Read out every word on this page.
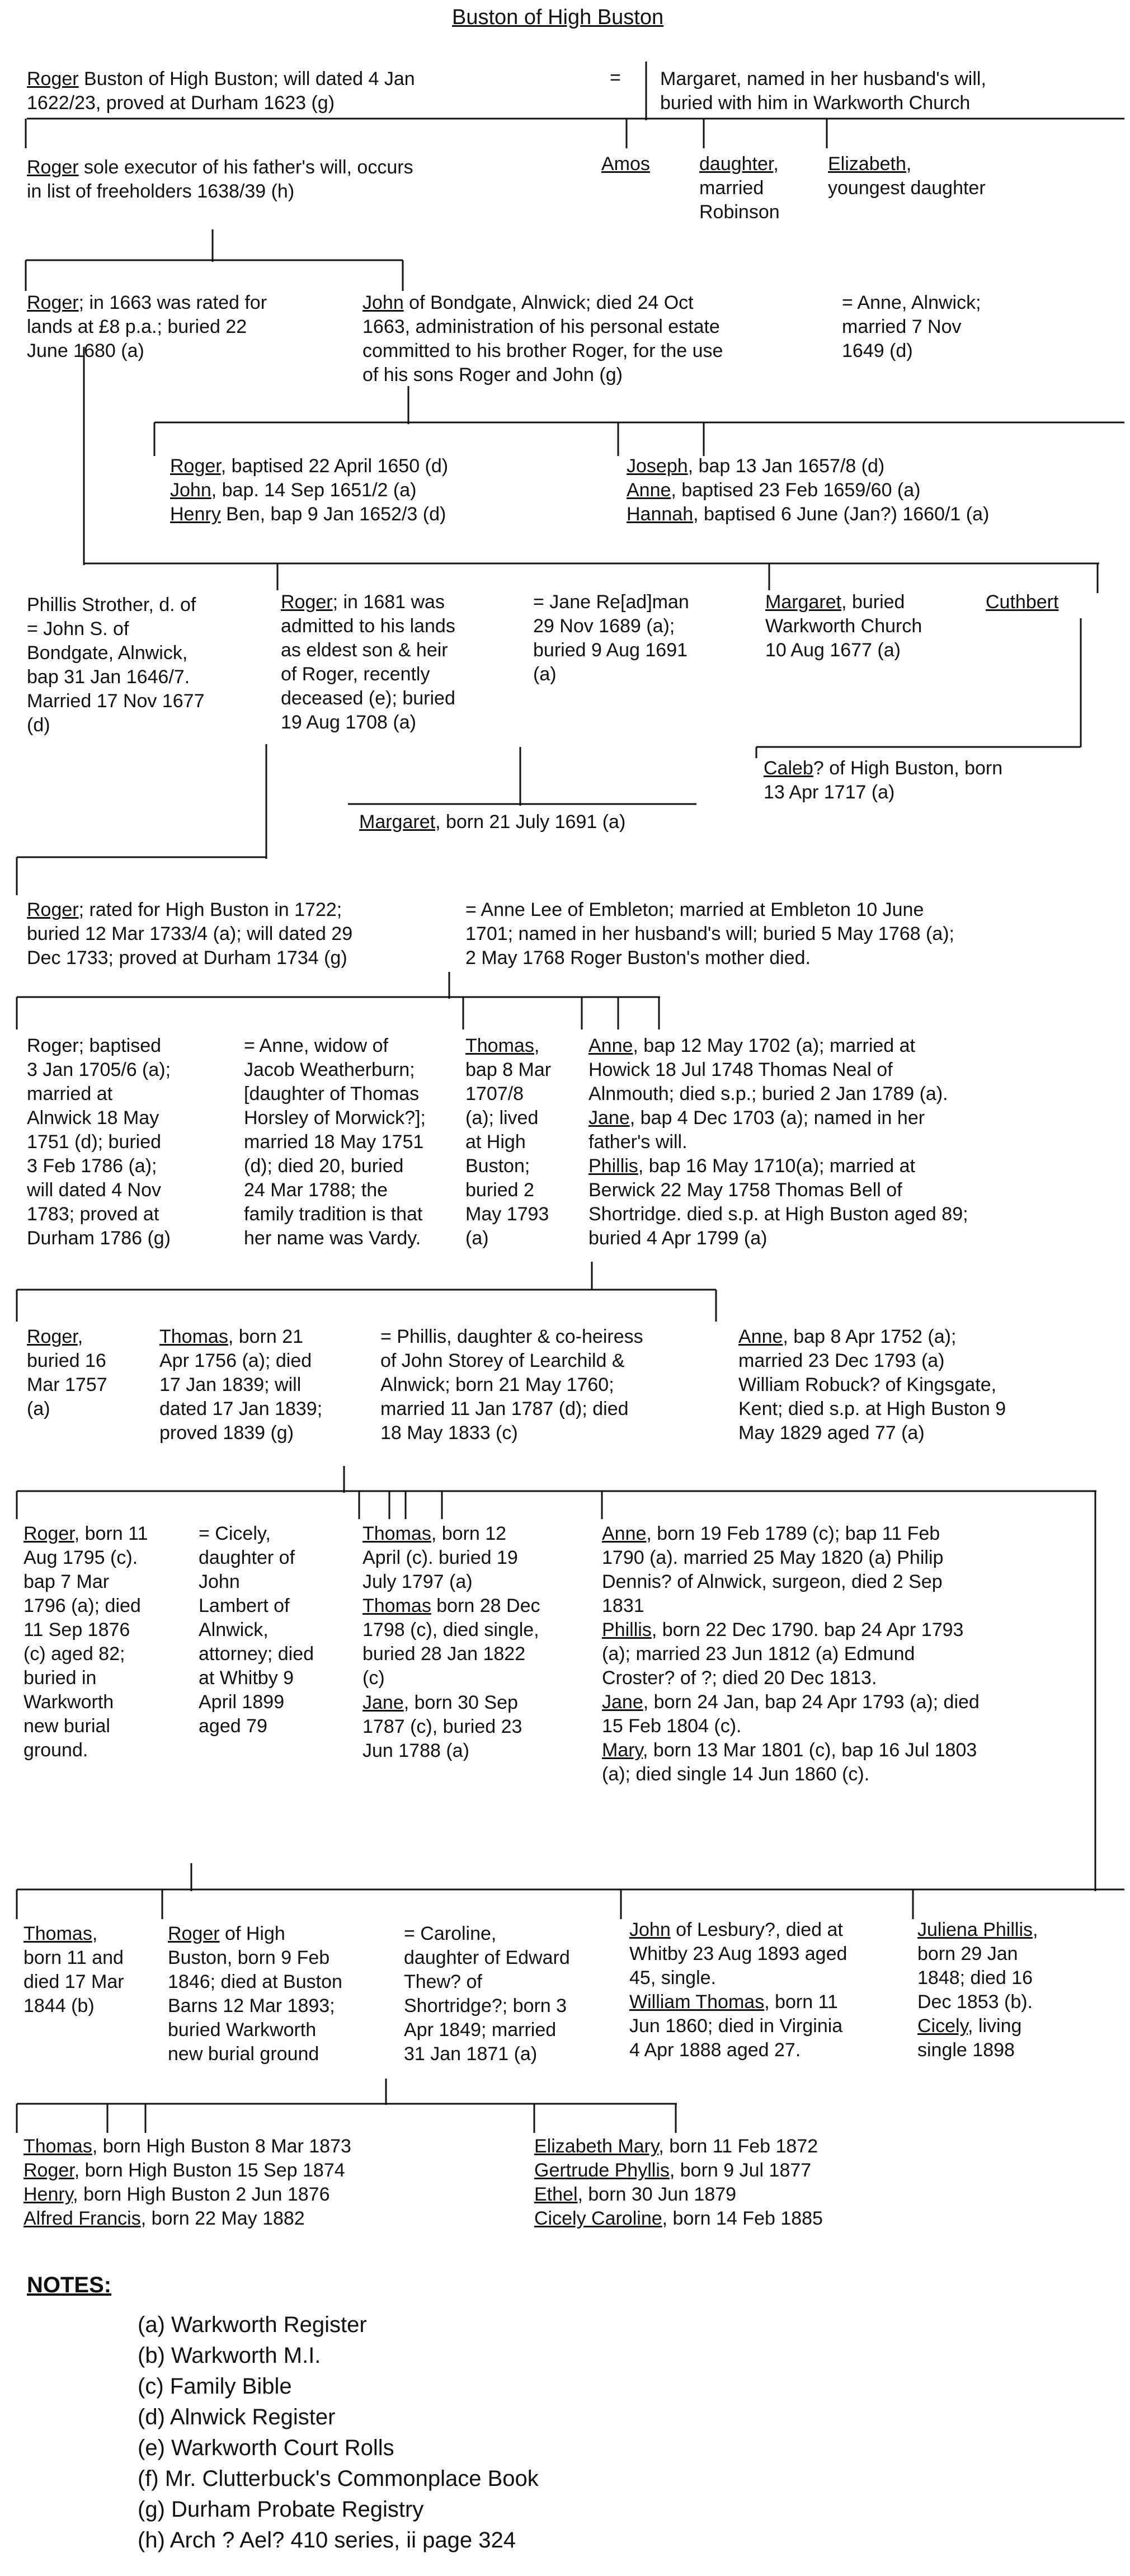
Buston of High Buston
Roger Buston of High Buston; will dated 4 Jan
1622/23, proved at Durham 1623 (g)
= Margaret, named in her husband's will,
buried with him in Warkworth Church
Roger sole executor of his father's will, occurs
in list of freeholders 1638/39 (h)
Amos	daughter,
married
Robinson
Elizabeth,
youngest daughter
Roger; in 1663 was rated for
lands at £8 p.a.; buried 22
June 1680 (a)
John of Bondgate, Alnwick; died 24 Oct
1663, administration of his personal estate
committed to his brother Roger, for the use
of his sons Roger and John (g)
= Anne, Alnwick;
married 7 Nov
1649 (d)
Roger, baptised 22 April 1650 (d)
John, bap. 14 Sep 1651/2 (a)
Henry Ben, bap 9 Jan 1652/3 (d)
Joseph, bap 13 Jan 1657/8 (d)
Anne, baptised 23 Feb 1659/60 (a)
Hannah, baptised 6 June (Jan?) 1660/1 (a)
Phillis Strother, d. of
= John S. of
Bondgate, Alnwick,
bap 31 Jan 1646/7.
Married 17 Nov 1677
(d)
Roger; in 1681 was
admitted to his lands
as eldest son & heir
of Roger, recently
deceased (e); buried
19 Aug 1708 (a)
= Jane Re[ad]man
29 Nov 1689 (a);
buried 9 Aug 1691
(a)
Margaret, buried
Warkworth Church
10 Aug 1677 (a)
Cuthbert
Caleb? of High Buston, born
13 Apr 1717 (a)
Margaret, born 21 July 1691 (a)
Roger; rated for High Buston in 1722;
buried 12 Mar 1733/4 (a); will dated 29
Dec 1733; proved at Durham 1734 (g)
= Anne Lee of Embleton; married at Embleton 10 June
1701; named in her husband's will; buried 5 May 1768 (a);
2 May 1768 Roger Buston's mother died.
Roger; baptised
3 Jan 1705/6 (a);
married at
Alnwick 18 May
1751 (d); buried
3 Feb 1786 (a);
will dated 4 Nov
1783; proved at
Durham 1786 (g)
= Anne, widow of
Jacob Weatherburn;
[daughter of Thomas
Horsley of Morwick?];
married 18 May 1751
(d); died 20, buried
24 Mar 1788; the
family tradition is that
her name was Vardy.
Thomas,
bap 8 Mar
1707/8
(a); lived
at High
Buston;
buried 2
May 1793
(a)
Anne, bap 12 May 1702 (a); married at
Howick 18 Jul 1748 Thomas Neal of
Alnmouth; died s.p.; buried 2 Jan 1789 (a).
Jane, bap 4 Dec 1703 (a); named in her
father's will.
Phillis, bap 16 May 1710(a); married at
Berwick 22 May 1758 Thomas Bell of
Shortridge. died s.p. at High Buston aged 89;
buried 4 Apr 1799 (a)
Roger,
buried 16
Mar 1757
(a)
Thomas, born 21
Apr 1756 (a); died
17 Jan 1839; will
dated 17 Jan 1839;
proved 1839 (g)
= Phillis, daughter & co-heiress
of John Storey of Learchild &
Alnwick; born 21 May 1760;
married 11 Jan 1787 (d); died
18 May 1833 (c)
Anne, bap 8 Apr 1752 (a);
married 23 Dec 1793 (a)
William Robuck? of Kingsgate,
Kent; died s.p. at High Buston 9
May 1829 aged 77 (a)
Roger, born 11
Aug 1795 (c).
bap 7 Mar
1796 (a); died
11 Sep 1876
(c) aged 82;
buried in
Warkworth
new burial
ground.
= Cicely,
daughter of
John
Lambert of
Alnwick,
attorney; died
at Whitby 9
April 1899
aged 79
Thomas, born 12
April (c). buried 19
July 1797 (a)
Thomas born 28 Dec
1798 (c), died single,
buried 28 Jan 1822
(c)
Jane, born 30 Sep
1787 (c), buried 23
Jun 1788 (a)
Anne, born 19 Feb 1789 (c); bap 11 Feb
1790 (a). married 25 May 1820 (a) Philip
Dennis? of Alnwick, surgeon, died 2 Sep
1831
Phillis, born 22 Dec 1790. bap 24 Apr 1793
(a); married 23 Jun 1812 (a) Edmund
Croster? of ?; died 20 Dec 1813.
Jane, born 24 Jan, bap 24 Apr 1793 (a); died
15 Feb 1804 (c).
Mary, born 13 Mar 1801 (c), bap 16 Jul 1803
(a); died single 14 Jun 1860 (c).
Thomas,
born 11 and
died 17 Mar
1844 (b)
Roger of High
Buston, born 9 Feb
1846; died at Buston
Barns 12 Mar 1893;
buried Warkworth
new burial ground
= Caroline,
daughter of Edward
Thew? of
Shortridge?; born 3
Apr 1849; married
31 Jan 1871 (a)
John of Lesbury?, died at
Whitby 23 Aug 1893 aged
45, single.
William Thomas, born 11
Jun 1860; died in Virginia
4 Apr 1888 aged 27.
Juliena Phillis,
born 29 Jan
1848; died 16
Dec 1853 (b).
Cicely, living
single 1898
Thomas, born High Buston 8 Mar 1873
Roger, born High Buston 15 Sep 1874
Henry, born High Buston 2 Jun 1876
Alfred Francis, born 22 May 1882
Elizabeth Mary, born 11 Feb 1872
Gertrude Phyllis, born 9 Jul 1877
Ethel, born 30 Jun 1879
Cicely Caroline, born 14 Feb 1885
NOTES:
(a) Warkworth Register
(b) Warkworth M.I.
(c) Family Bible
(d) Alnwick Register
(e) Warkworth Court Rolls
(f) Mr. Clutterbuck's Commonplace Book
(g) Durham Probate Registry
(h) Arch ? Ael? 410 series, ii page 324
